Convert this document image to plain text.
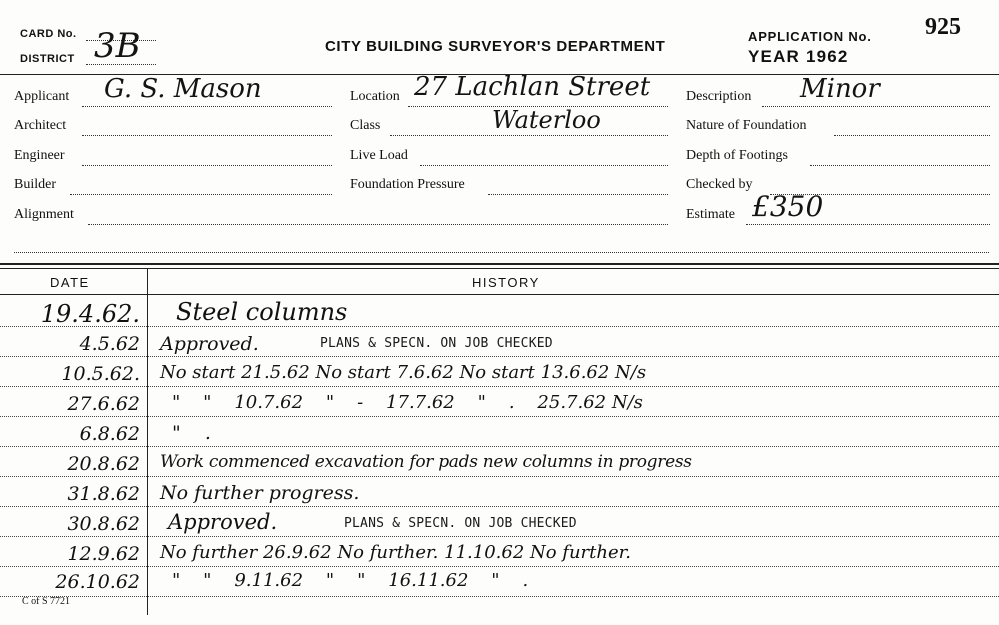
CARD No.
DISTRICT 3B	CITY BUILDING SURVEYOR'S DEPARTMENT
APPLICATION No.
YEAR 1962
925
Applicant G. S. Mason
Architect
Engineer
Builder
Alignment
Location 27 Lachlan Street
Class	Waterloo
Live Load
Foundation Pressure
Description Minor
Nature of Foundation
Depth of Footings
Checked by
Estimate £350
DATE	HISTORY
19.4.62. Steel columns
4.5.62 Approved.	PLANS & SPECN. ON JOB CHECKED
10.5.62. No start 21.5.62 No start 7.6.62 No start 13.6.62 N/s
27.6.62 "    "    10.7.62    "    -    17.7.62    "    .    25.7.62 N/s
6.8.62 "    .
20.8.62 Work commenced excavation for pads new columns in progress
31.8.62 No further progress.
30.8.62 Approved.	PLANS & SPECN. ON JOB CHECKED
12.9.62 No further 26.9.62 No further. 11.10.62 No further.
26.10.62 "    "    9.11.62    "    "    16.11.62    "    .
C of S 7721
